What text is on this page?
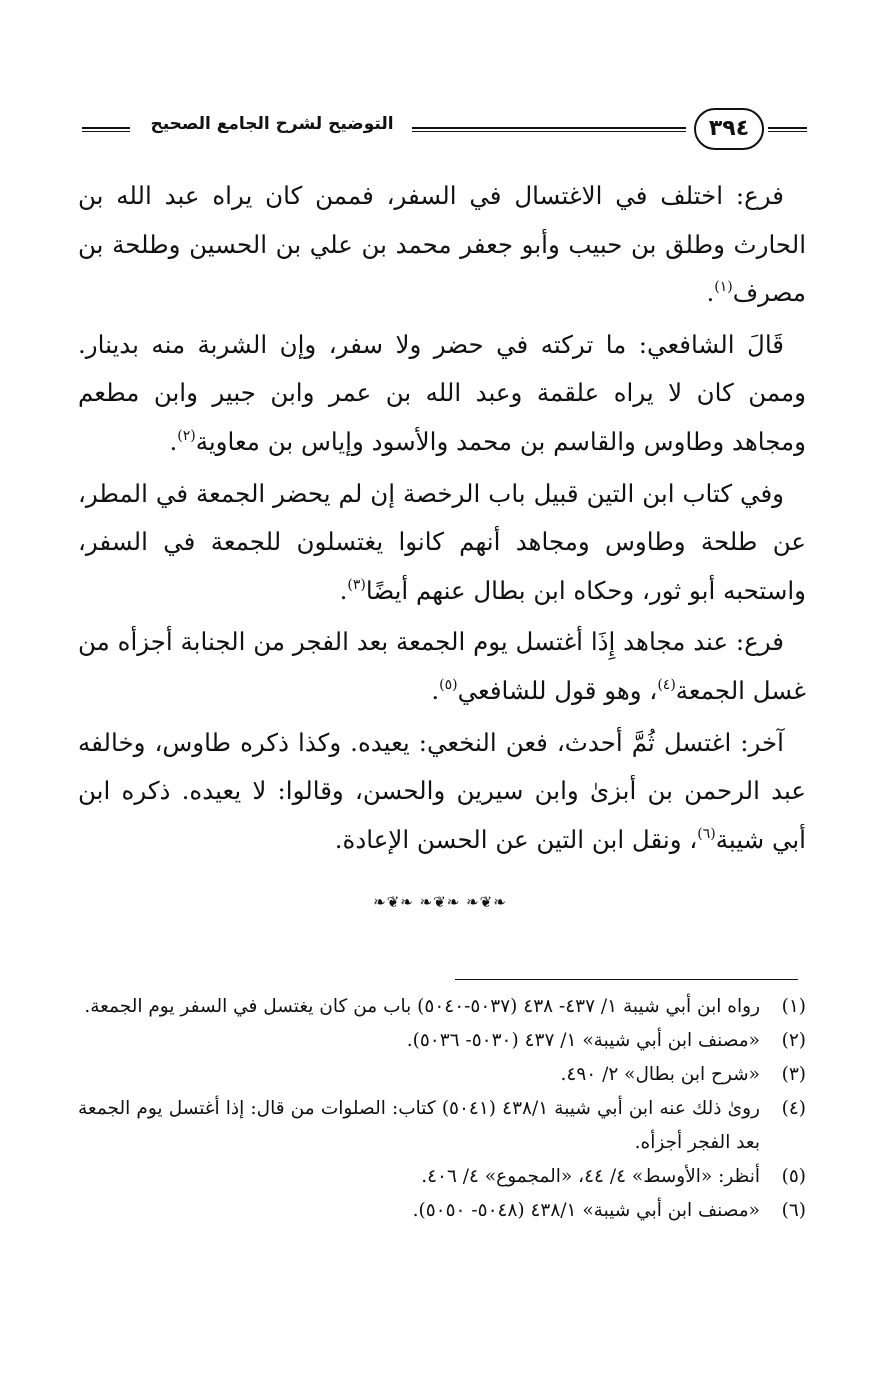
التوضيح لشرح الجامع الصحيح	٣٩٤

فرع: اختلف في الاغتسال في السفر، فممن كان يراه عبد الله بن الحارث وطلق بن حبيب وأبو جعفر محمد بن علي بن الحسين وطلحة بن مصرف$^{(١)}$.

قَالَ الشافعي: ما تركته في حضر ولا سفر، وإن الشربة منه بدينار. وممن كان لا يراه علقمة وعبد الله بن عمر وابن جبير وابن مطعم ومجاهد وطاوس والقاسم بن محمد والأسود وإياس بن معاوية$^{(٢)}$.

وفي كتاب ابن التين قبيل باب الرخصة إن لم يحضر الجمعة في المطر، عن طلحة وطاوس ومجاهد أنهم كانوا يغتسلون للجمعة في السفر، واستحبه أبو ثور، وحكاه ابن بطال عنهم أيضًا$^{(٣)}$.

فرع: عند مجاهد إِذَا أغتسل يوم الجمعة بعد الفجر من الجنابة أجزأه من غسل الجمعة$^{(٤)}$، وهو قول للشافعي$^{(٥)}$.

آخر: اغتسل ثُمَّ أحدث، فعن النخعي: يعيده. وكذا ذكره طاوس، وخالفه عبد الرحمن بن أبزىٰ وابن سيرين والحسن، وقالوا: لا يعيده. ذكره ابن أبي شيبة$^{(٦)}$، ونقل ابن التين عن الحسن الإعادة.

❧❦❧ ❧❦❧ ❧❦❧
(١)
رواه ابن أبي شيبة ١/ ٤٣٧- ٤٣٨ (٥٠٣٧-٥٠٤٠) باب من كان يغتسل في السفر يوم الجمعة.
(٢)
«مصنف ابن أبي شيبة» ١/ ٤٣٧ (٥٠٣٠- ٥٠٣٦).
(٣)
«شرح ابن بطال» ٢/ ٤٩٠.
(٤)
رویٰ ذلك عنه ابن أبي شيبة ٤٣٨/١ (٥٠٤١) كتاب: الصلوات من قال: إذا أغتسل يوم الجمعة بعد الفجر أجزأه.
(٥)
أنظر: «الأوسط» ٤/ ٤٤، «المجموع» ٤/ ٤٠٦.
(٦)
«مصنف ابن أبي شيبة» ٤٣٨/١ (٥٠٤٨- ٥٠٥٠).
